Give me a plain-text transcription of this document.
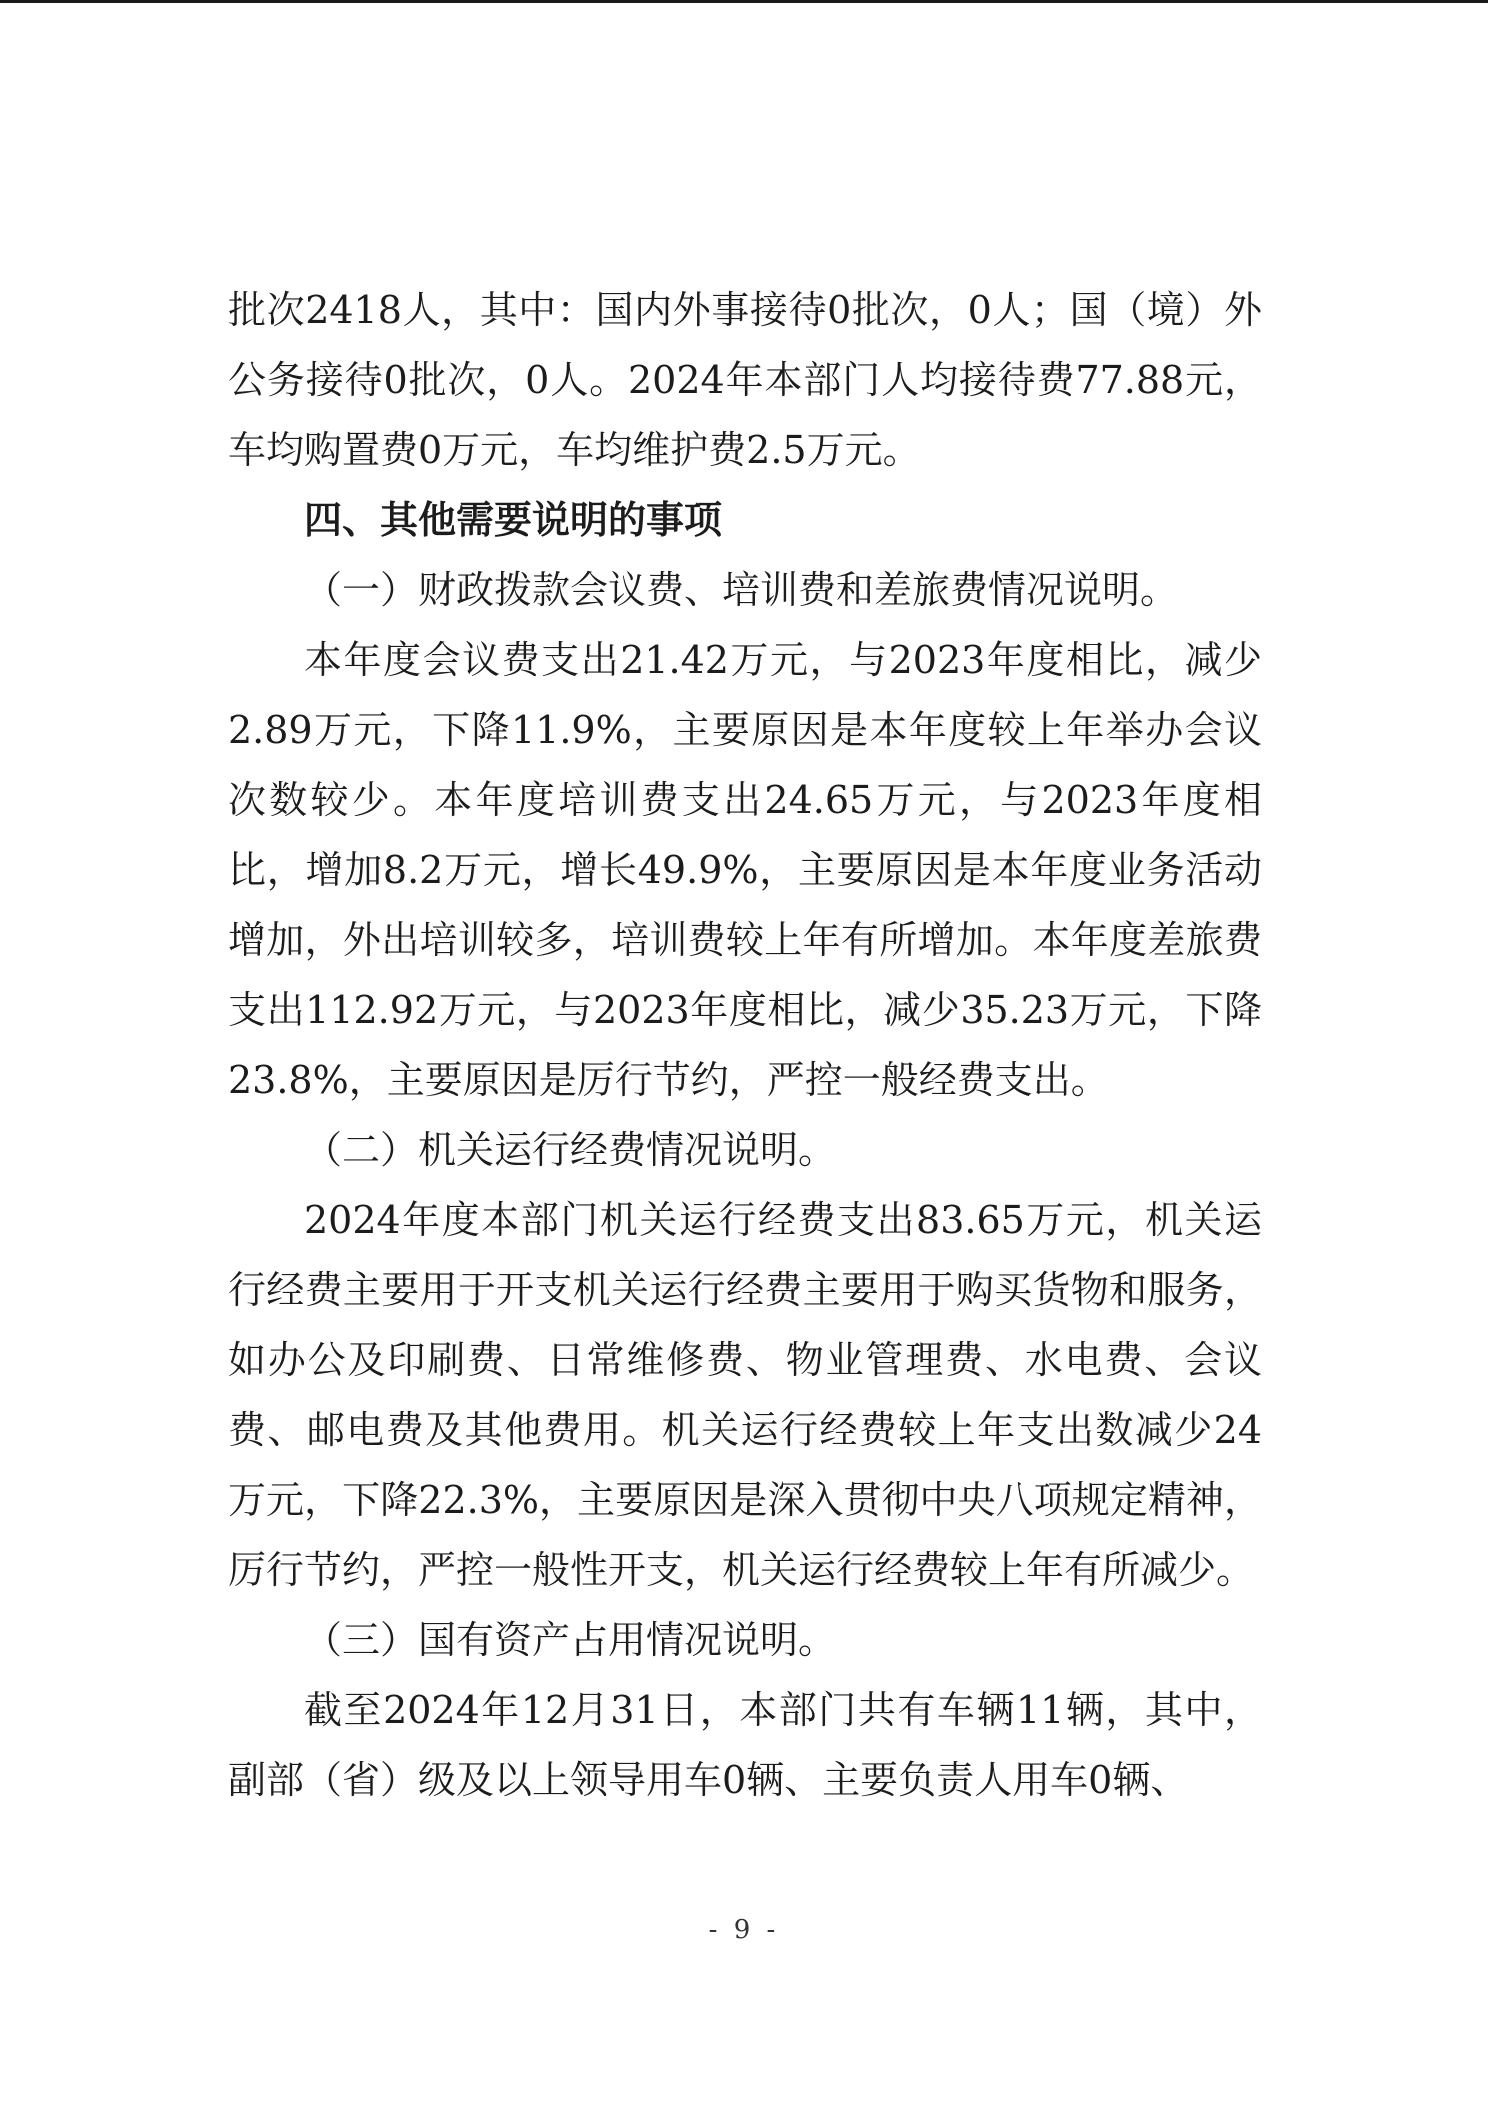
批次2418人，其中：国内外事接待0批次，0人；国（境）外公务接待0批次，0人。2024年本部门人均接待费77.88元，车均购置费0万元，车均维护费2.5万元。

四、其他需要说明的事项

（一）财政拨款会议费、培训费和差旅费情况说明。

本年度会议费支出21.42万元，与2023年度相比，减少2.89万元，下降11.9%，主要原因是本年度较上年举办会议次数较少。本年度培训费支出24.65万元，与2023年度相比，增加8.2万元，增长49.9%，主要原因是本年度业务活动增加，外出培训较多，培训费较上年有所增加。本年度差旅费支出112.92万元，与2023年度相比，减少35.23万元，下降23.8%，主要原因是厉行节约，严控一般经费支出。

（二）机关运行经费情况说明。

2024年度本部门机关运行经费支出83.65万元，机关运行经费主要用于开支机关运行经费主要用于购买货物和服务，如办公及印刷费、日常维修费、物业管理费、水电费、会议费、邮电费及其他费用。机关运行经费较上年支出数减少24万元，下降22.3%，主要原因是深入贯彻中央八项规定精神，厉行节约，严控一般性开支，机关运行经费较上年有所减少。

（三）国有资产占用情况说明。

截至2024年12月31日，本部门共有车辆11辆，其中，副部（省）级及以上领导用车0辆、主要负责人用车0辆、

- 9 -
